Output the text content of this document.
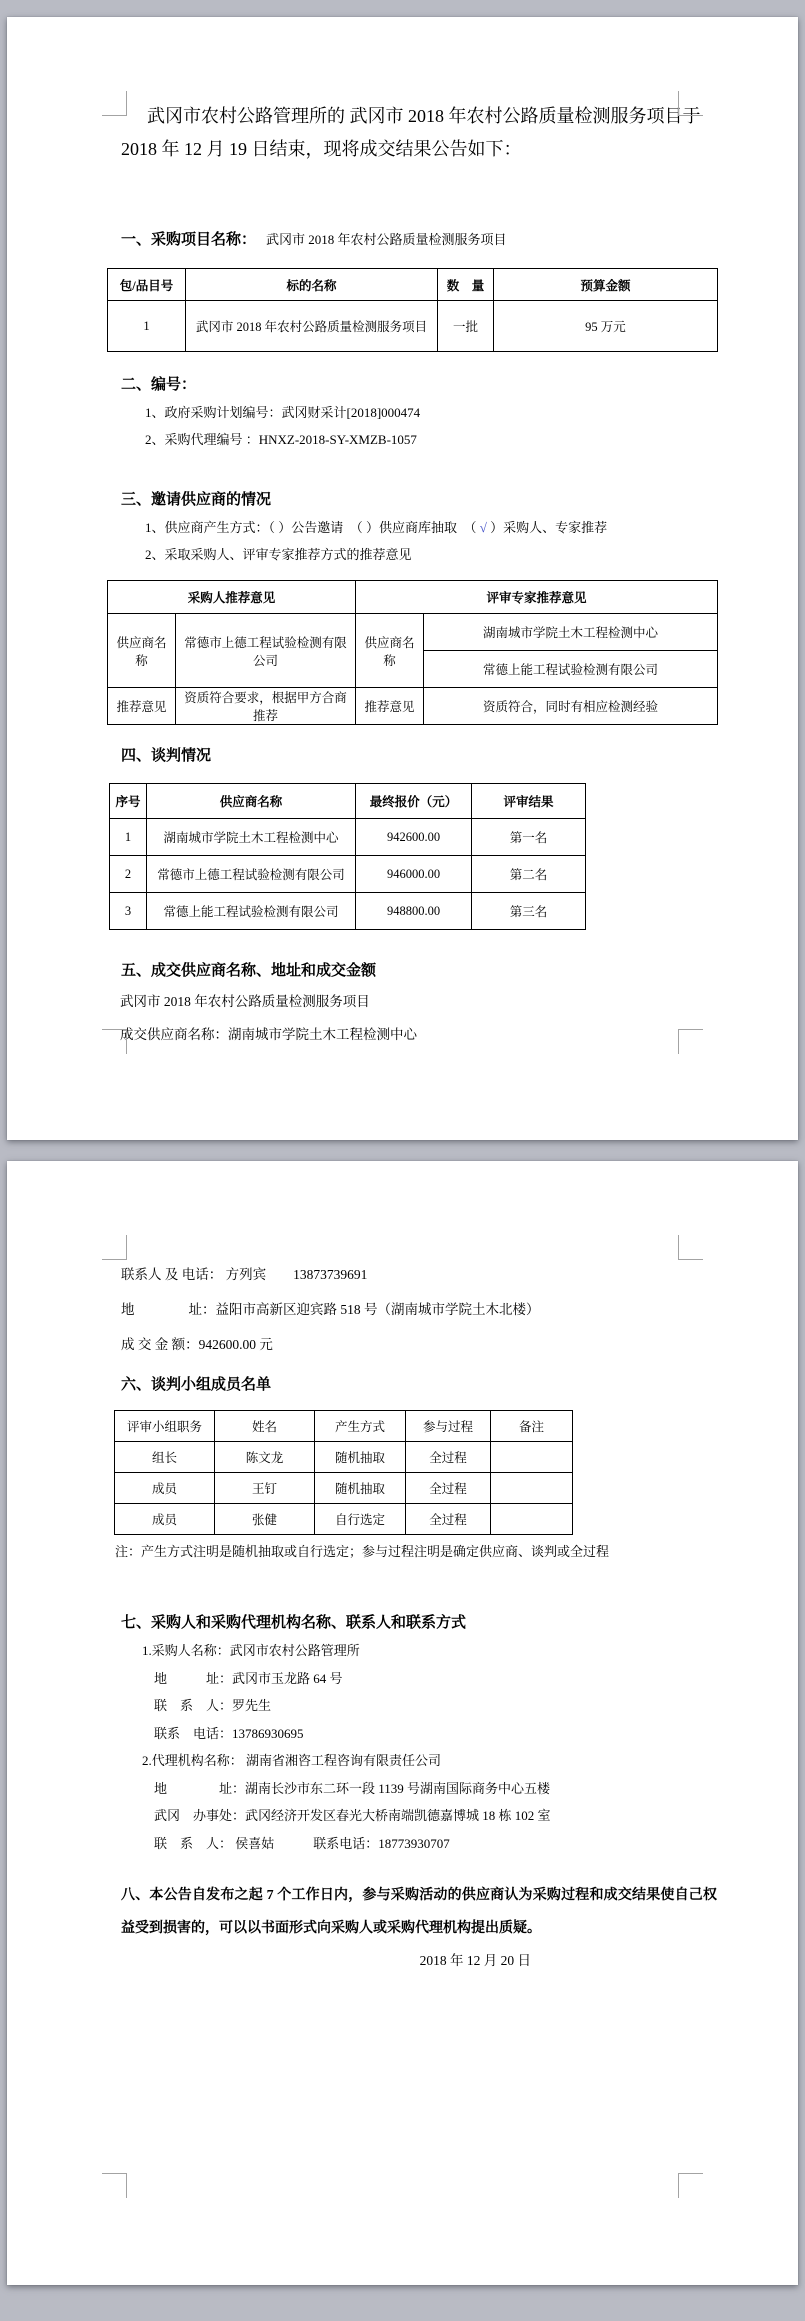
武冈市农村公路管理所的 武冈市 2018 年农村公路质量检测服务项目于 2018 年 12 月 19 日结束，现将成交结果公告如下：
一、采购项目名称： 武冈市 2018 年农村公路质量检测服务项目
包/品目号	标的名称	数　量	预算金额
1	武冈市 2018 年农村公路质量检测服务项目	一批	95 万元
二、编号：
1、政府采购计划编号：武冈财采计[2018]000474
2、采购代理编号 ：HNXZ-2018-SY-XMZB-1057
三、邀请供应商的情况
1、供应商产生方式：（ ）公告邀请　（ ）供应商库抽取　（ √ ）采购人、专家推荐
2、采取采购人、评审专家推荐方式的推荐意见
采购人推荐意见		评审专家推荐意见	
供应商名称	常德市上德工程试验检测有限公司	供应商名称	湖南城市学院土木工程检测中心
			常德上能工程试验检测有限公司
推荐意见	资质符合要求，根据甲方合商推荐	推荐意见	资质符合，同时有相应检测经验
四、谈判情况
序号	供应商名称	最终报价（元）	评审结果
1	湖南城市学院土木工程检测中心	942600.00	第一名
2	常德市上德工程试验检测有限公司	946000.00	第二名
3	常德上能工程试验检测有限公司	948800.00	第三名
五、成交供应商名称、地址和成交金额
武冈市 2018 年农村公路质量检测服务项目
成交供应商名称：湖南城市学院土木工程检测中心
联系人 及 电话： 方列宾　　13873739691
地　　　　址：益阳市高新区迎宾路 518 号（湖南城市学院土木北楼）
成 交 金 额：942600.00 元
六、谈判小组成员名单
评审小组职务	姓名	产生方式	参与过程	备注
组长	陈文龙	随机抽取	全过程	
成员	王钉	随机抽取	全过程	
成员	张健	自行选定	全过程	
注：产生方式注明是随机抽取或自行选定；参与过程注明是确定供应商、谈判或全过程
七、采购人和采购代理机构名称、联系人和联系方式
1.采购人名称：武冈市农村公路管理所
地　　　址：武冈市玉龙路 64 号
联　系　人：罗先生
联系　电话：13786930695
2.代理机构名称： 湖南省湘咨工程咨询有限责任公司
地　　　　址：湖南长沙市东二环一段 1139 号湖南国际商务中心五楼
武冈　办事处：武冈经济开发区春光大桥南端凯德嘉博城 18 栋 102 室
联　系　人： 侯喜姑　　　联系电话：18773930707
八、本公告自发布之起 7 个工作日内，参与采购活动的供应商认为采购过程和成交结果使自己权益受到损害的，可以以书面形式向采购人或采购代理机构提出质疑。
2018 年 12 月 20 日
